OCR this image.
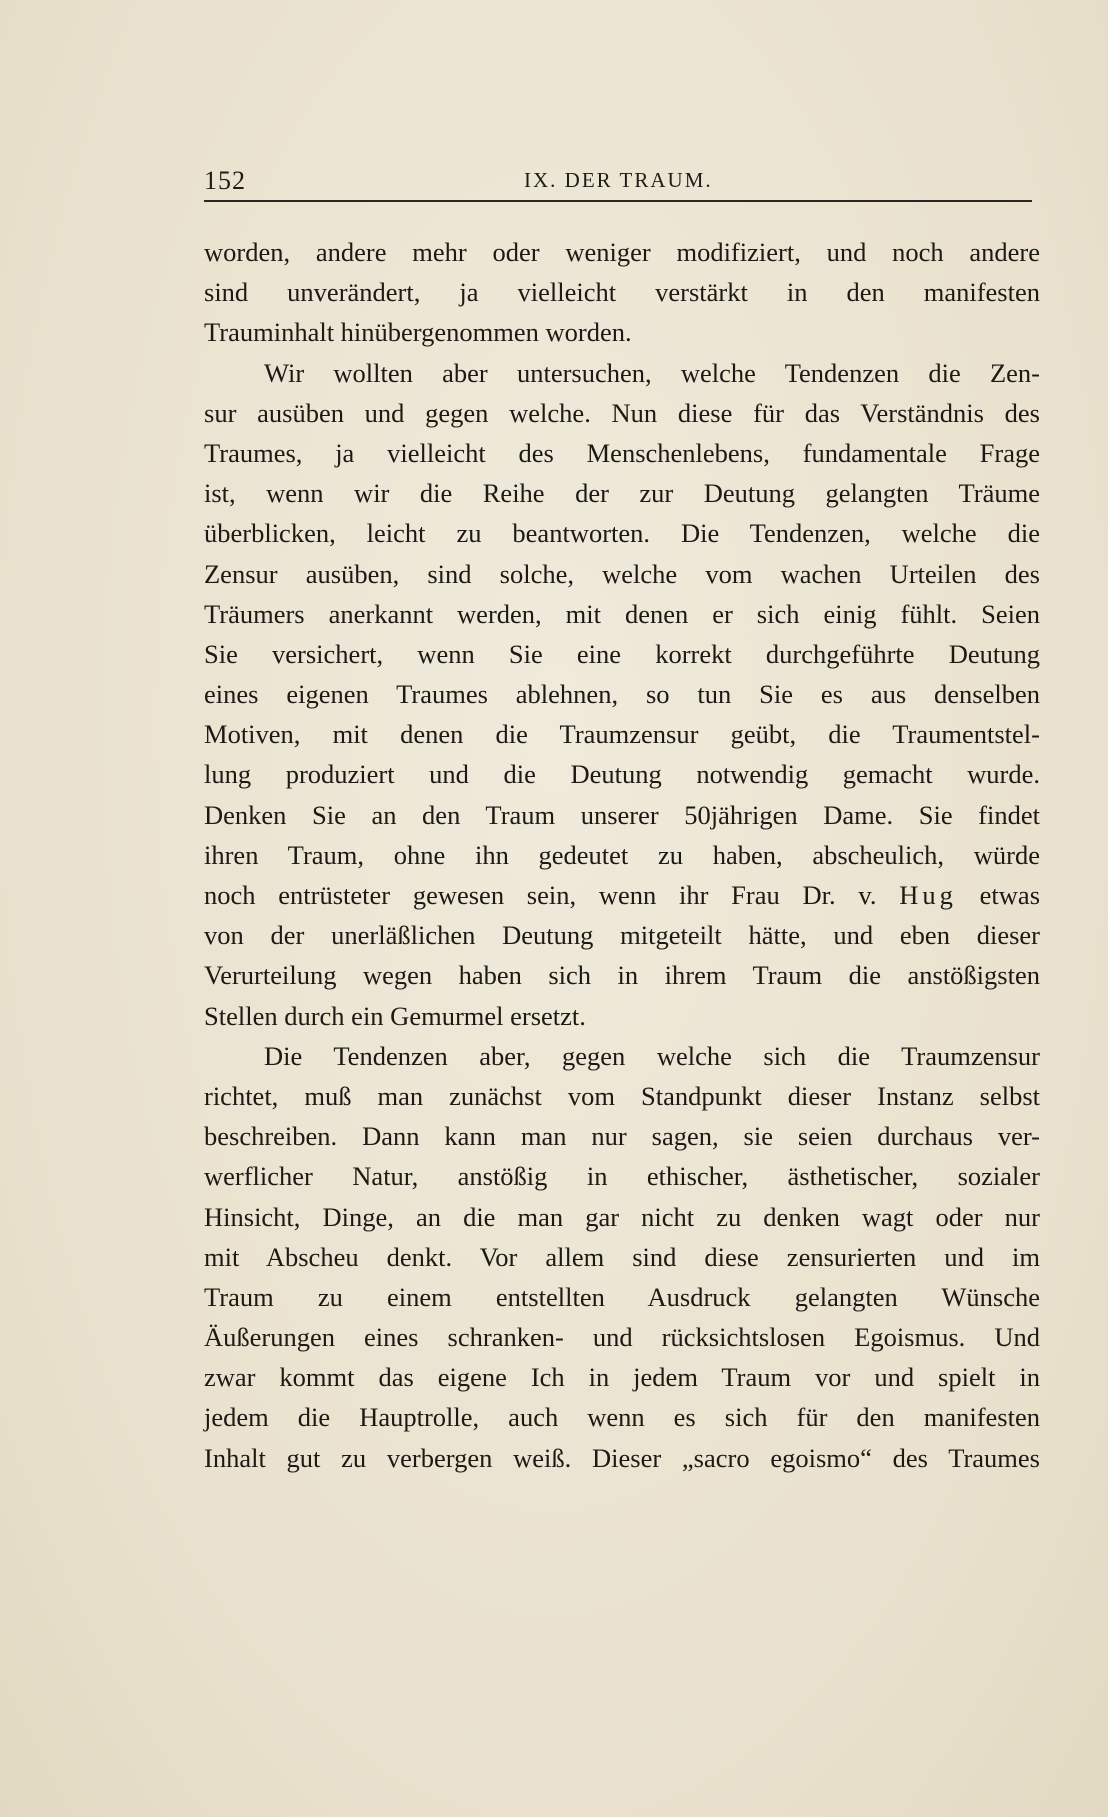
152	IX. DER TRAUM.
worden, andere mehr oder weniger modifiziert, und noch andere
sind unverändert, ja vielleicht verstärkt in den manifesten
Trauminhalt hinübergenommen worden.
Wir wollten aber untersuchen, welche Tendenzen die Zen-
sur ausüben und gegen welche. Nun diese für das Verständnis des
Traumes, ja vielleicht des Menschenlebens, fundamentale Frage
ist, wenn wir die Reihe der zur Deutung gelangten Träume
überblicken, leicht zu beantworten. Die Tendenzen, welche die
Zensur ausüben, sind solche, welche vom wachen Urteilen des
Träumers anerkannt werden, mit denen er sich einig fühlt. Seien
Sie versichert, wenn Sie eine korrekt durchgeführte Deutung
eines eigenen Traumes ablehnen, so tun Sie es aus denselben
Motiven, mit denen die Traumzensur geübt, die Traumentstel-
lung produziert und die Deutung notwendig gemacht wurde.
Denken Sie an den Traum unserer 50jährigen Dame. Sie findet
ihren Traum, ohne ihn gedeutet zu haben, abscheulich, würde
noch entrüsteter gewesen sein, wenn ihr Frau Dr. v. Hug etwas
von der unerläßlichen Deutung mitgeteilt hätte, und eben dieser
Verurteilung wegen haben sich in ihrem Traum die anstößigsten
Stellen durch ein Gemurmel ersetzt.
Die Tendenzen aber, gegen welche sich die Traumzensur
richtet, muß man zunächst vom Standpunkt dieser Instanz selbst
beschreiben. Dann kann man nur sagen, sie seien durchaus ver-
werflicher Natur, anstößig in ethischer, ästhetischer, sozialer
Hinsicht, Dinge, an die man gar nicht zu denken wagt oder nur
mit Abscheu denkt. Vor allem sind diese zensurierten und im
Traum zu einem entstellten Ausdruck gelangten Wünsche
Äußerungen eines schranken- und rücksichtslosen Egoismus. Und
zwar kommt das eigene Ich in jedem Traum vor und spielt in
jedem die Hauptrolle, auch wenn es sich für den manifesten
Inhalt gut zu verbergen weiß. Dieser „sacro egoismo“ des Traumes
